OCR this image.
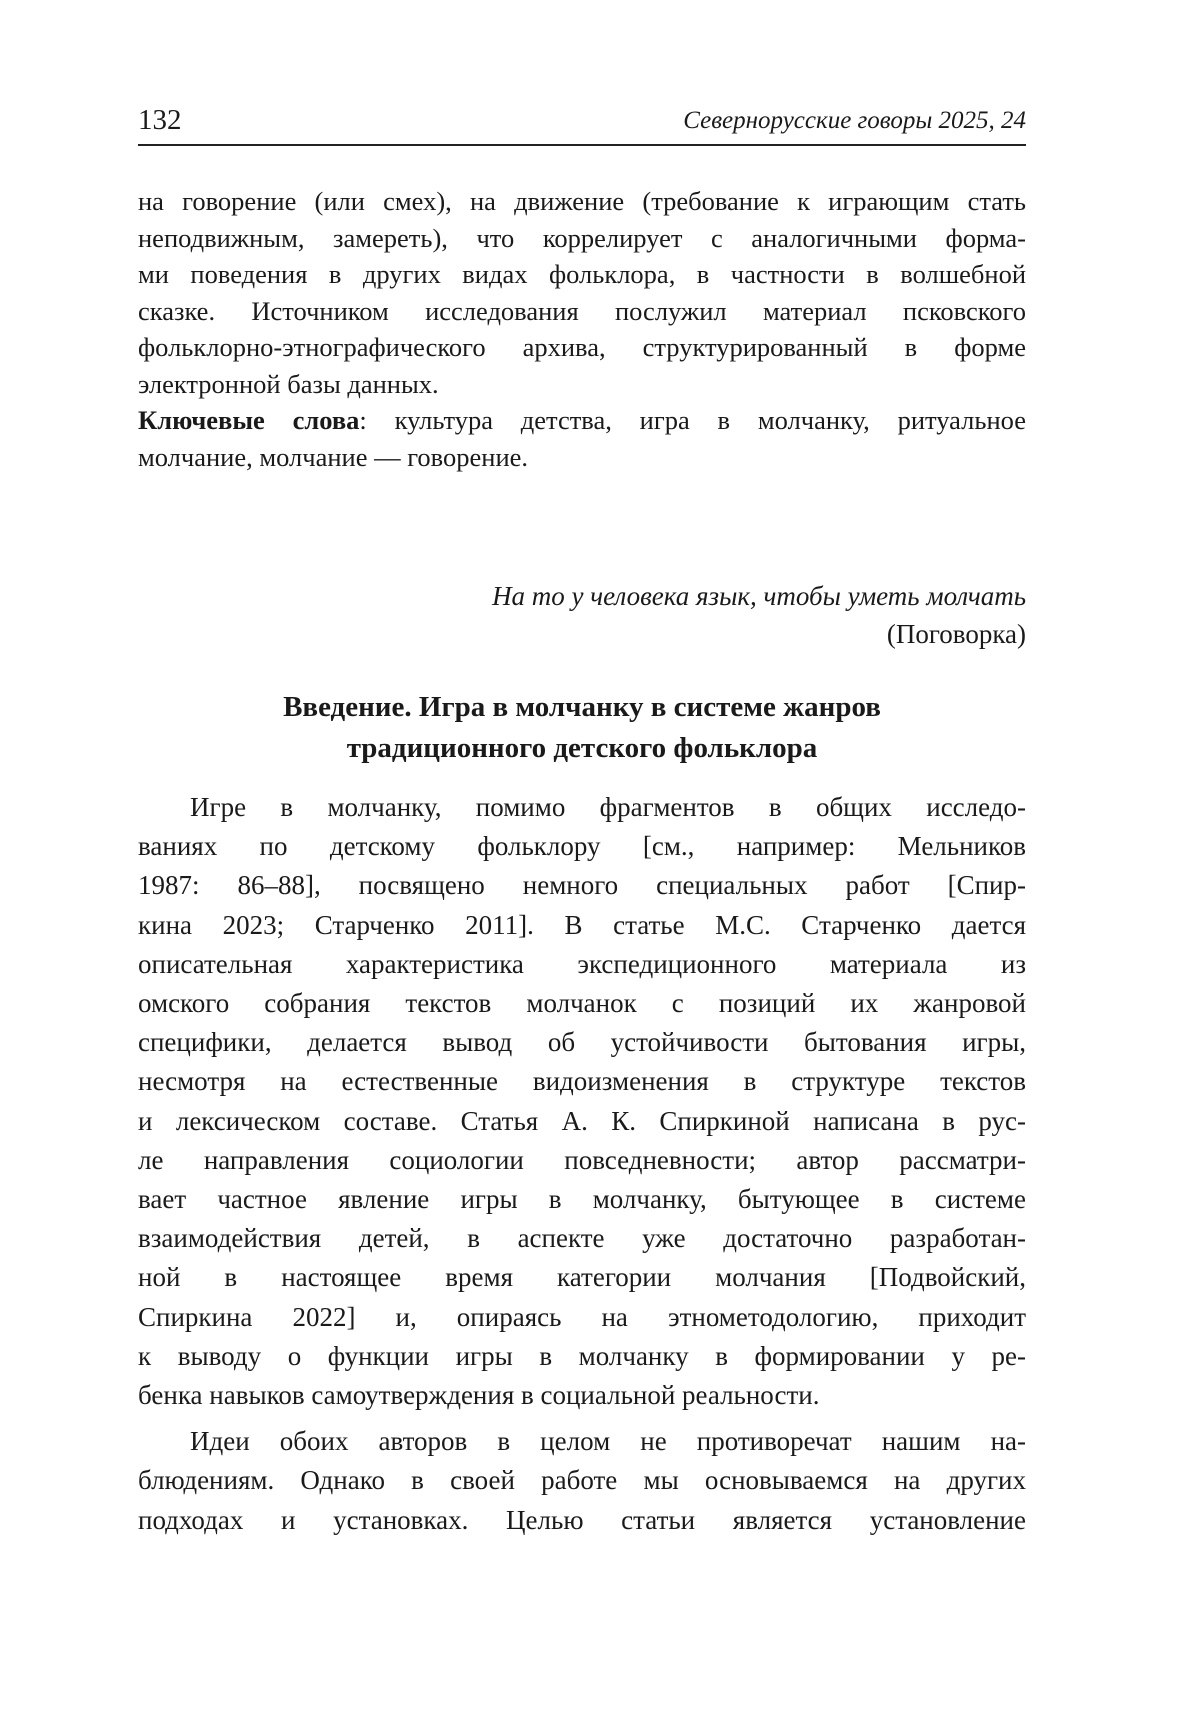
132	Севернорусские говоры 2025, 24
на говорение (или смех), на движение (требование к играющим стать
неподвижным, замереть), что коррелирует с аналогичными форма-
ми поведения в других видах фольклора, в частности в волшебной
сказке. Источником исследования послужил материал псковского
фольклорно-этнографического архива, структурированный в форме
электронной базы данных.
Ключевые слова: культура детства, игра в молчанку, ритуальное
молчание, молчание — говорение.
На то у человека язык, чтобы уметь молчать
(Поговорка)
Введение. Игра в молчанку в системе жанров
традиционного детского фольклора
Игре в молчанку, помимо фрагментов в общих исследо-
ваниях по детскому фольклору [см., например: Мельников
1987: 86–88], посвящено немного специальных работ [Спир-
кина 2023; Старченко 2011]. В статье М.С. Старченко дается
описательная характеристика экспедиционного материала из
омского собрания текстов молчанок с позиций их жанровой
специфики, делается вывод об устойчивости бытования игры,
несмотря на естественные видоизменения в структуре текстов
и лексическом составе. Статья А. К. Спиркиной написана в рус-
ле направления социологии повседневности; автор рассматри-
вает частное явление игры в молчанку, бытующее в системе
взаимодействия детей, в аспекте уже достаточно разработан-
ной в настоящее время категории молчания [Подвойский,
Спиркина 2022] и, опираясь на этнометодологию, приходит
к выводу о функции игры в молчанку в формировании у ре-
бенка навыков самоутверждения в социальной реальности.
Идеи обоих авторов в целом не противоречат нашим на-
блюдениям. Однако в своей работе мы основываемся на других
подходах и установках. Целью статьи является установление
